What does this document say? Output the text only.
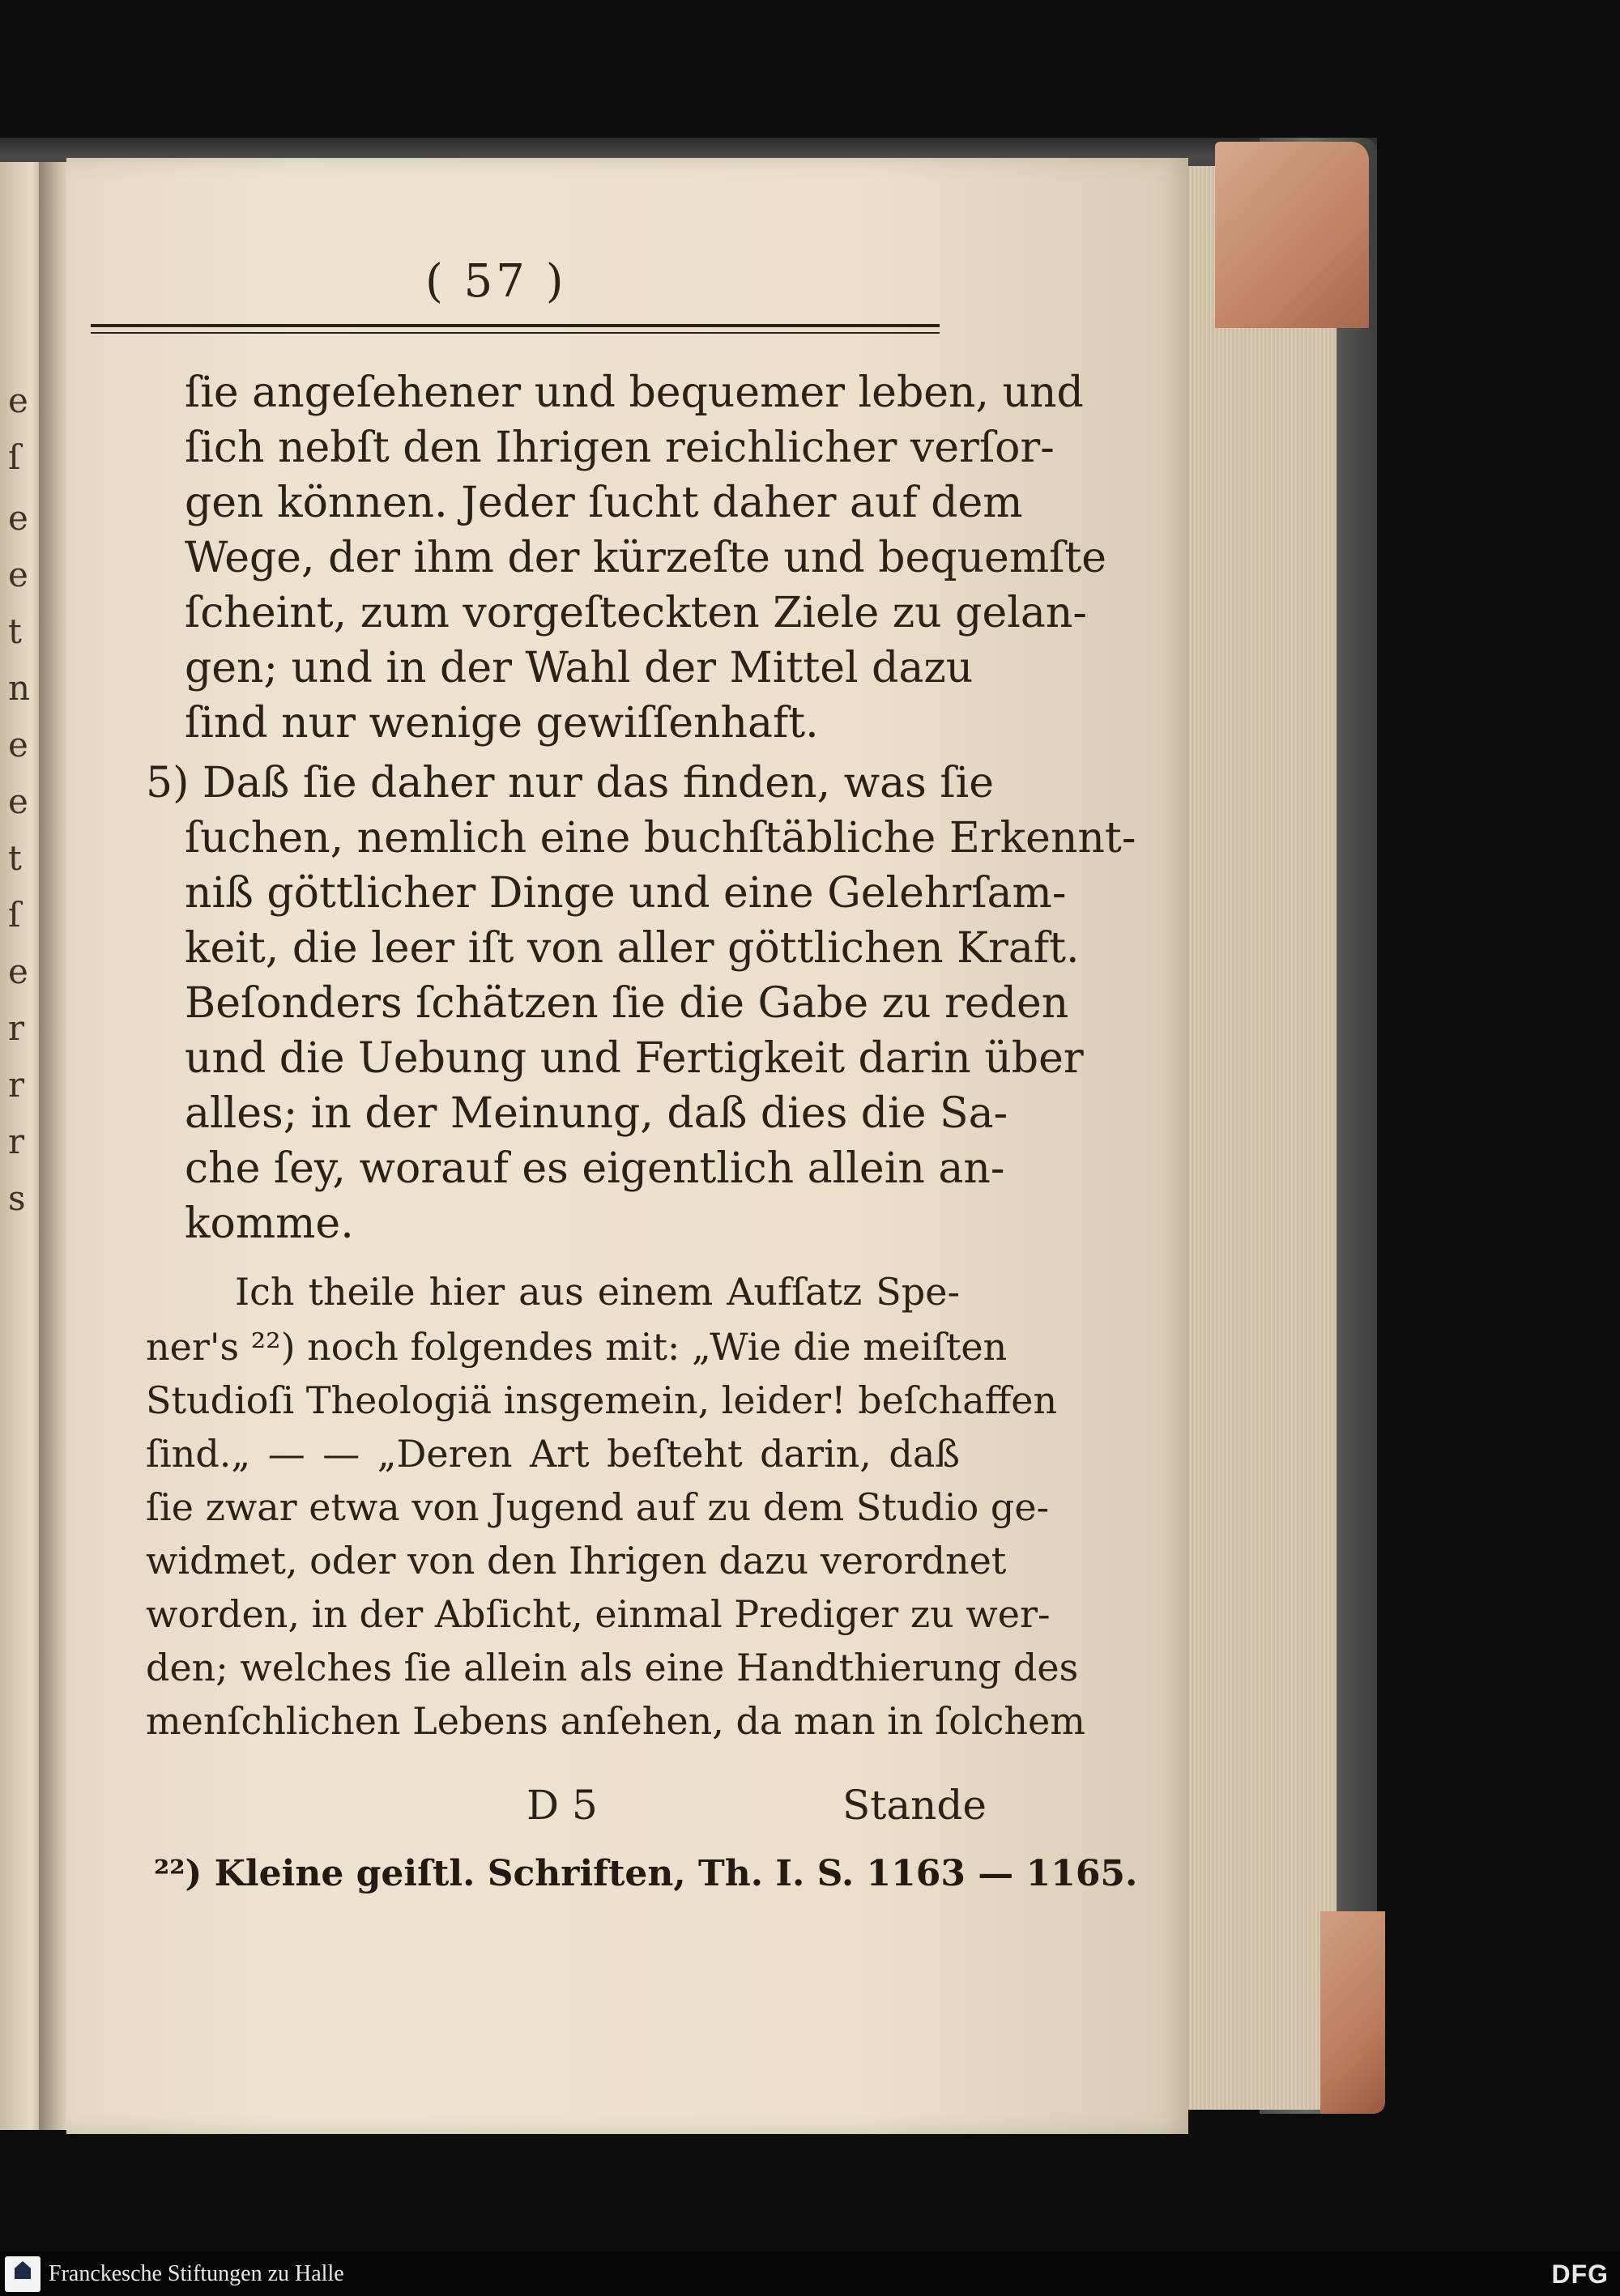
e
ſ
e
e
t
n
e
e
t
ſ
e
r
r
r
s
( 57 )
ſie angeſehener und bequemer leben, und
ſich nebſt den Ihrigen reichlicher verſor-
gen können. Jeder ſucht daher auf dem
Wege, der ihm der kürzeſte und bequemſte
ſcheint, zum vorgeſteckten Ziele zu gelan-
gen; und in der Wahl der Mittel dazu
ſind nur wenige gewiſſenhaft.
5) Daß ſie daher nur das finden, was ſie
ſuchen, nemlich eine buchſtäbliche Erkennt-
niß göttlicher Dinge und eine Gelehrſam-
keit, die leer iſt von aller göttlichen Kraft.
Beſonders ſchätzen ſie die Gabe zu reden
und die Uebung und Fertigkeit darin über
alles; in der Meinung, daß dies die Sa-
che ſey, worauf es eigentlich allein an-
komme.
Ich theile hier aus einem Aufſatz Spe-
ner's ²²) noch folgendes mit: „Wie die meiſten
Studioſi Theologiä insgemein, leider! beſchaffen
ſind.„ — — „Deren Art beſteht darin, daß
ſie zwar etwa von Jugend auf zu dem Studio ge-
widmet, oder von den Ihrigen dazu verordnet
worden, in der Abſicht, einmal Prediger zu wer-
den; welches ſie allein als eine Handthierung des
menſchlichen Lebens anſehen, da man in ſolchem
D 5	Stande
²²) Kleine geiſtl. Schriften, Th. I. S. 1163 — 1165.
Franckesche Stiftungen zu Halle	DFG
